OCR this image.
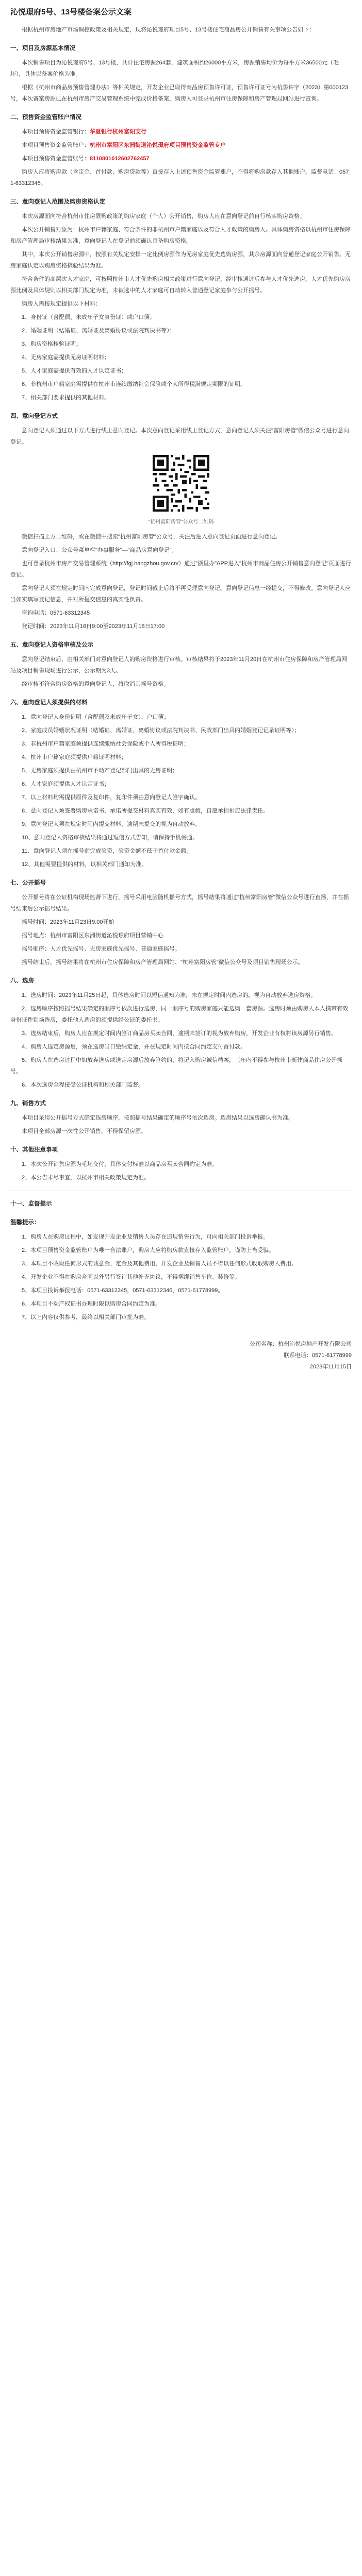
沁悦璟府5号、13号楼备案公示文案

根据杭州市房地产市场调控政策及相关规定，现将沁悦璟府项目5号、13号楼住宅商品房公开销售有关事项公告如下：

一、项目及房源基本情况

本次销售项目为沁悦璟府5号、13号楼，共计住宅房源264套，建筑面积约26000平方米，房源销售均价为每平方米36500元（毛坯），具体以备案价格为准。

根据《杭州市商品房预售管理办法》等相关规定，开发企业已取得商品房预售许可证，预售许可证号为杭售许字（2023）第000123号，本次备案房源已在杭州市房产交易管理系统中完成价格备案，购房人可登录杭州市住房保障和房产管理局网站进行查询。

二、预售资金监管账户情况

本项目预售资金监管银行：华夏银行杭州富阳支行

本项目预售资金监管账户：杭州市富阳区东洲街道沁悦璟府项目预售资金监管专户

本项目预售资金监管账号：8110801012602762457

购房人应将购房款（含定金、首付款、购房贷款等）直接存入上述预售资金监管账户，不得将购房款存入其他账户。监督电话：0571-63312345。

三、意向登记人范围及购房资格认定

本次房源面向符合杭州市住房限购政策的购房家庭（个人）公开销售，购房人应在意向登记前自行核实购房资格。

本次公开销售对象为：杭州市户籍家庭、符合条件的非杭州市户籍家庭以及符合人才政策的购房人。具体购房资格以杭州市住房保障和房产管理局审核结果为准，意向登记人在登记前须确认具备购房资格。

其中，本次公开销售房源中，按照有关规定安排一定比例房源作为无房家庭优先选购房源，其余房源面向普通登记家庭公开销售。无房家庭认定以购房资格核验结果为准。

符合条件的高层次人才家庭，可按照杭州市人才优先购房相关政策进行意向登记，经审核通过后参与人才优先选房。人才优先购房房源比例及具体规则以相关部门规定为准，未被选中的人才家庭可自动转入普通登记家庭参与公开摇号。

购房人需按规定提供以下材料：

1、身份证（含配偶、未成年子女身份证）或户口簿；

2、婚姻证明（结婚证、离婚证及离婚协议或法院判决书等）；

3、购房资格核验证明；

4、无房家庭需提供无房证明材料；

5、人才家庭需提供有效的人才认定证书；

6、非杭州市户籍家庭需提供在杭州市连续缴纳社会保险或个人所得税满规定期限的证明。

7、相关部门要求提供的其他材料。

四、意向登记方式

意向登记人须通过以下方式进行线上意向登记。本次意向登记采用线上登记方式，意向登记人须关注"富阳房管"微信公众号进行意向登记。

"杭州富阳房管"公众号二维码

微信扫描上方二维码，或在微信中搜索"杭州富阳房管"公众号，关注后进入意向登记页面进行意向登记。

意向登记入口：公众号菜单栏"办事服务"—"商品房意向登记"。

也可登录杭州市房产交易管理系统（http://fgj.hangzhou.gov.cn/）通过"浙里办"APP进入"杭州市商品住房公开销售意向登记"页面进行登记。

意向登记人须在规定时间内完成意向登记，登记时间截止后将不再受理意向登记。意向登记信息一经提交，不得修改。意向登记人应当如实填写登记信息，并对所提交信息的真实性负责。

咨询电话：0571-63312345

登记时间：2023年11月16日9:00至2023年11月18日17:00

五、意向登记人资格审核及公示

意向登记结束后，由相关部门对意向登记人的购房资格进行审核。审核结果将于2023年11月20日在杭州市住房保障和房产管理局网站及项目销售现场进行公示，公示期为3天。

经审核不符合购房资格的意向登记人，将取消其摇号资格。

六、意向登记人须提供的材料

1、意向登记人身份证明（含配偶及未成年子女）、户口簿；

2、家庭成员婚姻状况证明（结婚证、离婚证、离婚协议或法院判决书、民政部门出具的婚姻登记记录证明等）；

3、非杭州市户籍家庭须提供连续缴纳社会保险或个人所得税证明；

4、杭州市户籍家庭须提供户籍证明材料；

5、无房家庭须提供由杭州市不动产登记部门出具的无房证明；

6、人才家庭须提供人才认定证书；

7、以上材料均需提供原件及复印件，复印件须由意向登记人签字确认。

8、意向登记人须签署购房承诺书，承诺所提交材料真实有效，如有虚假，自愿承担相应法律责任。

9、意向登记人须在规定时间内提交材料，逾期未提交的视为自动放弃。

10、意向登记人资格审核结果将通过短信方式告知，请保持手机畅通。

11、意向登记人须在摇号前完成验资，验资金额不低于首付款金额。

12、其他需要提供的材料，以相关部门通知为准。

七、公开摇号

公开摇号将在公证机构现场监督下进行，摇号采用电脑随机摇号方式，摇号结果将通过"杭州富阳房管"微信公众号进行直播，并在摇号结束后公示摇号结果。

摇号时间：2023年11月23日9:00开始

摇号地点：杭州市富阳区东洲街道沁悦璟府项目营销中心

摇号顺序：人才优先摇号、无房家庭优先摇号、普通家庭摇号。

摇号结束后，摇号结果将在杭州市住房保障和房产管理局网站、"杭州富阳房管"微信公众号及项目销售现场公示。

八、选房

1、选房时间：2023年11月25日起，具体选房时间以短信通知为准，未在规定时间内选房的，视为自动放弃选房资格。

2、选房顺序按照摇号结果确定的顺序号依次进行选房，同一顺序号的购房家庭只能选购一套房源。选房时须由购房人本人携带有效身份证件到场选房，委托他人选房的须提供经公证的委托书。

3、选房结束后，购房人应在规定时间内签订商品房买卖合同，逾期未签订的视为放弃购房，开发企业有权将该房源另行销售。

4、购房人选定房源后，须在选房当日缴纳定金，并在规定时间内按合同约定支付首付款。

5、购房人在选房过程中如放弃选房或选定房源后放弃签约的，将记入购房诚信档案，三年内不得参与杭州市新建商品住房公开摇号。

6、本次选房全程接受公证机构和相关部门监督。

九、销售方式

本项目采用公开摇号方式确定选房顺序，按照摇号结果确定的顺序号依次选房。选房结果以选房确认书为准。

本项目全部房源一次性公开销售，不得保留房源。

十、其他注意事项

1、本次公开销售房源为毛坯交付，具体交付标准以商品房买卖合同约定为准。

2、本公告未尽事宜，以杭州市相关政策规定为准。

十一、监督提示
温馨提示：

1、购房人在购房过程中，如发现开发企业及销售人员存在违规销售行为，可向相关部门投诉举报。

2、本项目预售资金监管账户为唯一合法账户，购房人应将购房款直接存入监管账户，谨防上当受骗。

3、本项目不收取任何形式的诚意金、定金及其他费用，开发企业及销售人员不得以任何形式收取购房人费用。

4、开发企业不得在购房合同以外另行签订其他补充协议，不得捆绑销售车位、装修等。

5、本项目投诉举报电话：0571-63312345，0571-63312346，0571-61778999。

6、本项目不动产权证书办理时限以购房合同约定为准。

7、以上内容仅供参考，最终以相关部门审批为准。

公司名称：杭州沁悦房地产开发有限公司

联系电话：0571-61778999

2023年11月15日
